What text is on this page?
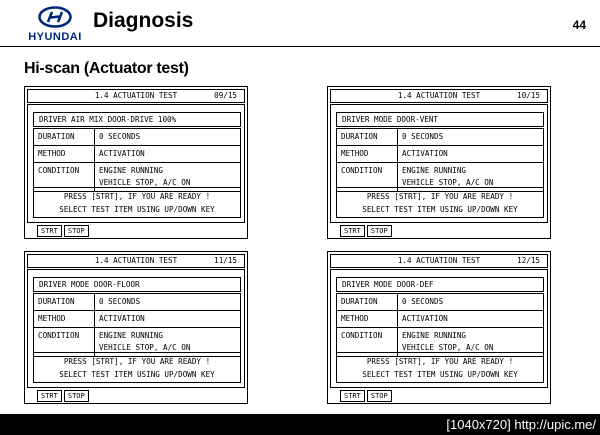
HYUNDAI
Diagnosis	44
Hi-scan (Actuator test)
1.4 ACTUATION TEST	09/15
DRIVER AIR MIX DOOR-DRIVE 100%
DURATION	0 SECONDS
METHOD	ACTIVATION
CONDITION	ENGINE RUNNING
VEHICLE STOP, A/C ON
PRESS [STRT], IF YOU ARE READY !
SELECT TEST ITEM USING UP/DOWN KEY
STRT STOP
1.4 ACTUATION TEST	10/15
DRIVER MODE DOOR-VENT
DURATION	0 SECONDS
METHOD	ACTIVATION
CONDITION	ENGINE RUNNING
VEHICLE STOP, A/C ON
PRESS [STRT], IF YOU ARE READY !
SELECT TEST ITEM USING UP/DOWN KEY
STRT STOP
1.4 ACTUATION TEST	11/15
DRIVER MODE DOOR-FLOOR
DURATION	0 SECONDS
METHOD	ACTIVATION
CONDITION	ENGINE RUNNING
VEHICLE STOP, A/C ON
PRESS [STRT], IF YOU ARE READY !
SELECT TEST ITEM USING UP/DOWN KEY
STRT STOP
1.4 ACTUATION TEST	12/15
DRIVER MODE DOOR-DEF
DURATION	0 SECONDS
METHOD	ACTIVATION
CONDITION	ENGINE RUNNING
VEHICLE STOP, A/C ON
PRESS [STRT], IF YOU ARE READY !
SELECT TEST ITEM USING UP/DOWN KEY
STRT STOP
[1040x720] http://upic.me/
